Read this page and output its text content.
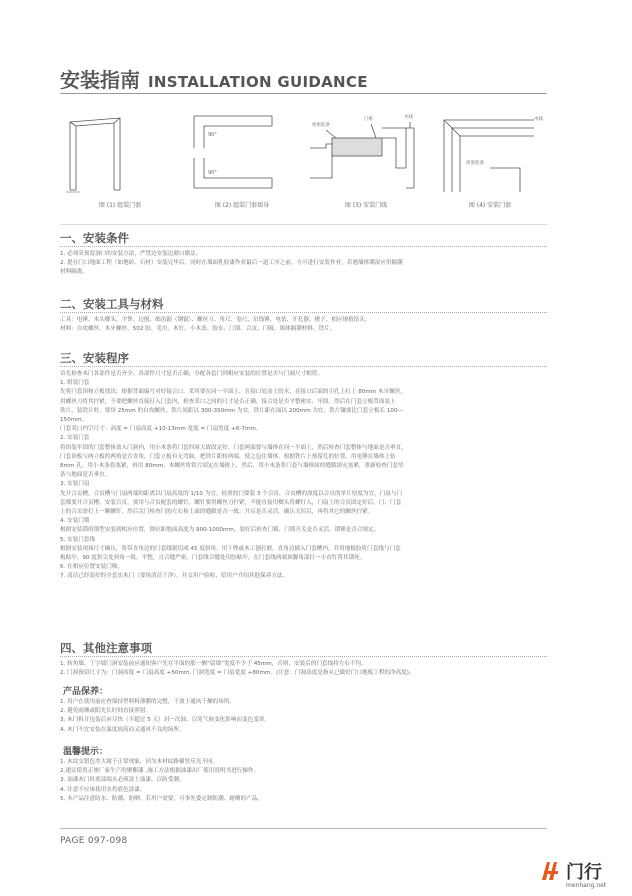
安装指南 INSTALLATION GUIDANCE
图 (1) 组装门套
90°
90°
图 (2) 组装门套墙身
密密胶条
门框	木线
图 (3) 安装门线
木线
密密胶条
图 (4) 安装门套
一、安装条件

1. 必须采预留洞口的安装方法，严禁边安装边砌口做法。

2. 提在门口地面工程（如地砖、石材）安装完毕后，同时在墙面乳胶漆作业最后一道工序之前，方可进行安装作业，若遇墙体潮湿应用隔潮

材料隔离。

二、安装工具与材料

工具：电锤、木头榔头、平锉、边刨、细齿锯（钢锯）、螺丝刀、角尺、卷尺、吊线锤、电钻、开孔器、楔子、相应规格钻头。

材料：自攻螺丝、木牙螺丝、502 胶、毛巾、木钉、小木条、胶水、门锁、合页、门吸、墙体隔潮材料、铁片。

三、安装程序

首先检查木门各部件是否齐全、各部件尺寸是否正确，分配各套门到相应安装的位置是否与门洞尺寸相符。

1. 组装门套

先将门套顶和立板找出，根据背面编号对好接合口，采用要在同一平面上，在接口处涂上胶水，在接口后面的引孔上打上 80mm 木牙螺丝，

用螺丝刀将其拧紧，不要把螺丝直接打入门套内，检查采口之间的尺寸是否正确，接合处是否平整密实、牢固。然后在门套立板背面装上

铁片，装铁片时，要用 25mm 的自攻螺丝，铁片间距以 300-350mm 为宜，铁片距在面以 200mm 为宜，铁片镶要比门套立板长 100—

150mm。

门套采口内空尺寸：高度 = 门扇高度 +10-13mm 宽度 = 门扇宽度 +6-7mm。

2. 安装门套

将组装牢固的门套整体放入门洞内，用小木条将门套四周大致固定好，门套两面要与墙体在同一平面上，然后检查门套整体与地面是否垂直，

门套顶板与两立板的两角是否直角，门套立板有无弯曲，把铁片距转两端，使之包住墙体。根据铁片上预留孔的位置，用电锤在墙体上钻

8mm 孔，用小木条将塞紧，再用 80mm。木螺丝将铁片固定在墙体上，然后，用小木条将门套与墙体间的缝隙填充塞紧，重新检查门套竖

条与地面是否垂直。

3. 安装门扇

先开合页槽，合页槽与门扇两端的距离以门扇高度的 1/10 为宜，较重的门要装 3 个合页，合页槽的深度以合页的单片厚度为宜，门扇与门

套都要开合页槽，安装合页，要用与合页配套的螺钉，螺钉要用螺丝刀拧紧，不能直接用榔头将螺钉入，门扇上的合页固定好后，门、门套

上的合页需打上一颗螺钉，然后关门检查门的左右和上面的缝隙是否一致，开启是否灵活，确认无误后，再将其它的螺丝拧紧。

4. 安装门锁

根据安装锁的锁型安装到相应位置，锁位距地面高度为 900-1000mm，装好后检查门锁、门锁开关是否灵活，锁锤是否合规定。

5. 安装门套线

根据安装现场尺寸确认，将带直角边的门套线锯切成 45 度斜角，用干锉或木工刨打磨，直角边插入门套槽内，并用地板胶将门套线与门套

板粘牢，90 度拼尖处斜角一致、平整，且合缝严密，门套线合缝处用胶粘牢，在门套线两端顶脚角部打一小直钉将其锁死。

6. 在相应位置安装门吸。

7. 清洁已经装好的全套实木门（要场清洁干净），并交用户验收，给用户介绍其他保养方法。

四、其他注意事项

1. 转角墙、丁字墙门洞安装前应通知客户先在平面的那一侧“留墙”宽度不少于 45mm，否则，安装后的门套线将左右不均。

2. 门洞预留尺寸为：门洞高度 = 门扇高度 +50mm, 门洞宽度 = 门扇宽度 +80mm。(注意：门洞高度是指从已做好门口地板工程的净高度)。

产品保养：

1. 用户在使用前应查保持塑料料薄膜的完整，干放于通风干燥的场所。

2. 避免雨淋或阳光长时间直接照射。

3. 木门拆开包装后应尽快（不超过 5 天）封一次油，以免气候变化影响而变色变形。

4. 木门不宜安装在温度较高而又通风不良的场所。

温馨提示：

1. 木纹交错色差大属于正常现象，因为木材纹路横竖反光不同。

2.建议使用正规厂家生产的聚酯漆 ,施工方法根据油漆出厂使用说明书进行操作。

3. 油漆木门时底部端头必须涂上油漆，以防受潮。

4. 注意不应该使用水将底色涂漆。

5. 本产品注意防水、防潮、防晒。若用户需要，可事先委定制防潮、耐晒的产品。

PAGE 097-098
门行
menhang.net
